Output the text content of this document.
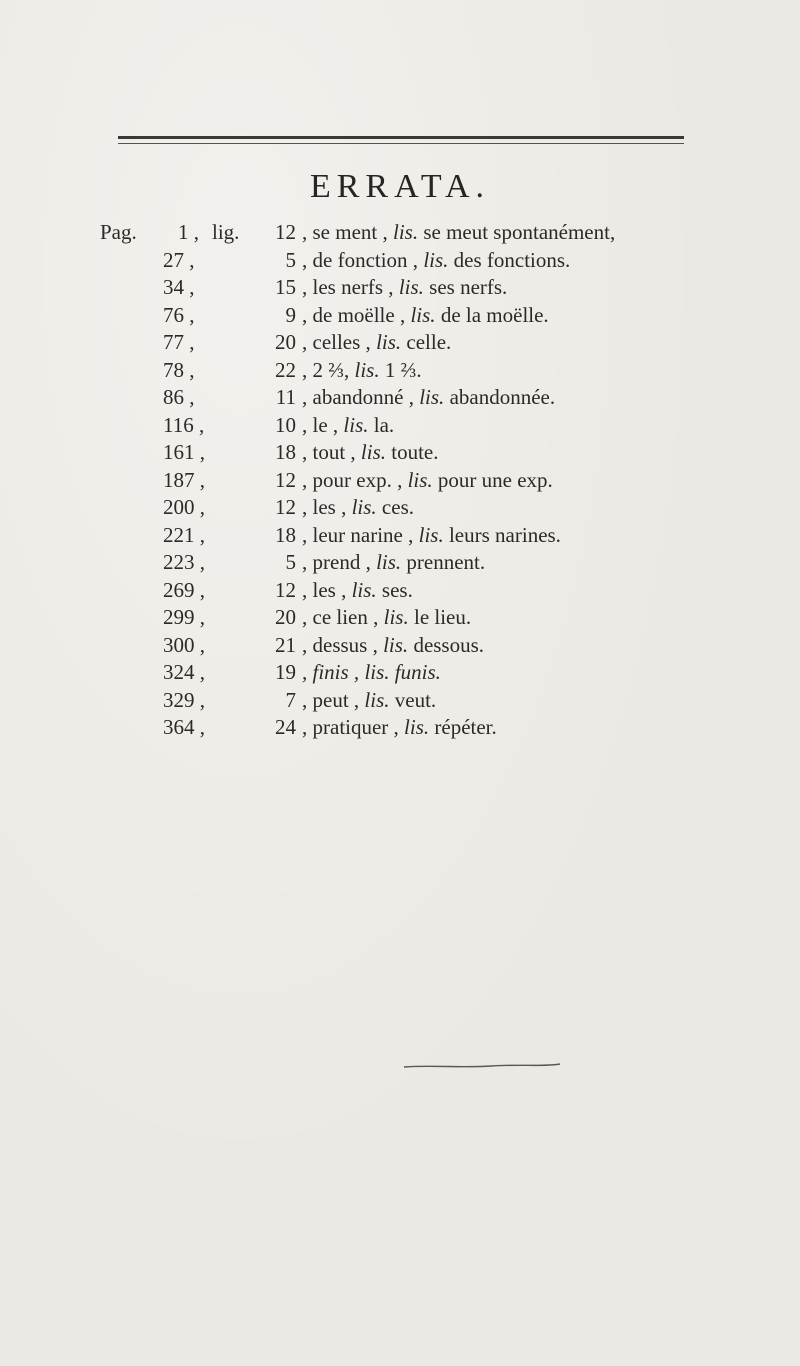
ERRATA.
Pag.	lig.
1 ,	12 , se ment , lis. se meut spontanément,
27 ,	5 , de fonction , lis. des fonctions.
34 ,	15 , les nerfs , lis. ses nerfs.
76 ,	9 , de moëlle , lis. de la moëlle.
77 ,	20 , celles , lis. celle.
78 ,	22 , 2 ⅔, lis. 1 ⅔.
86 ,	11 , abandonné , lis. abandonnée.
116 ,	10 , le , lis. la.
161 ,	18 , tout , lis. toute.
187 ,	12 , pour exp. , lis. pour une exp.
200 ,	12 , les , lis. ces.
221 ,	18 , leur narine , lis. leurs narines.
223 ,	5 , prend , lis. prennent.
269 ,	12 , les , lis. ses.
299 ,	20 , ce lien , lis. le lieu.
300 ,	21 , dessus , lis. dessous.
324 ,	19 , finis , lis. funis.
329 ,	7 , peut , lis. veut.
364 ,	24 , pratiquer , lis. répéter.
